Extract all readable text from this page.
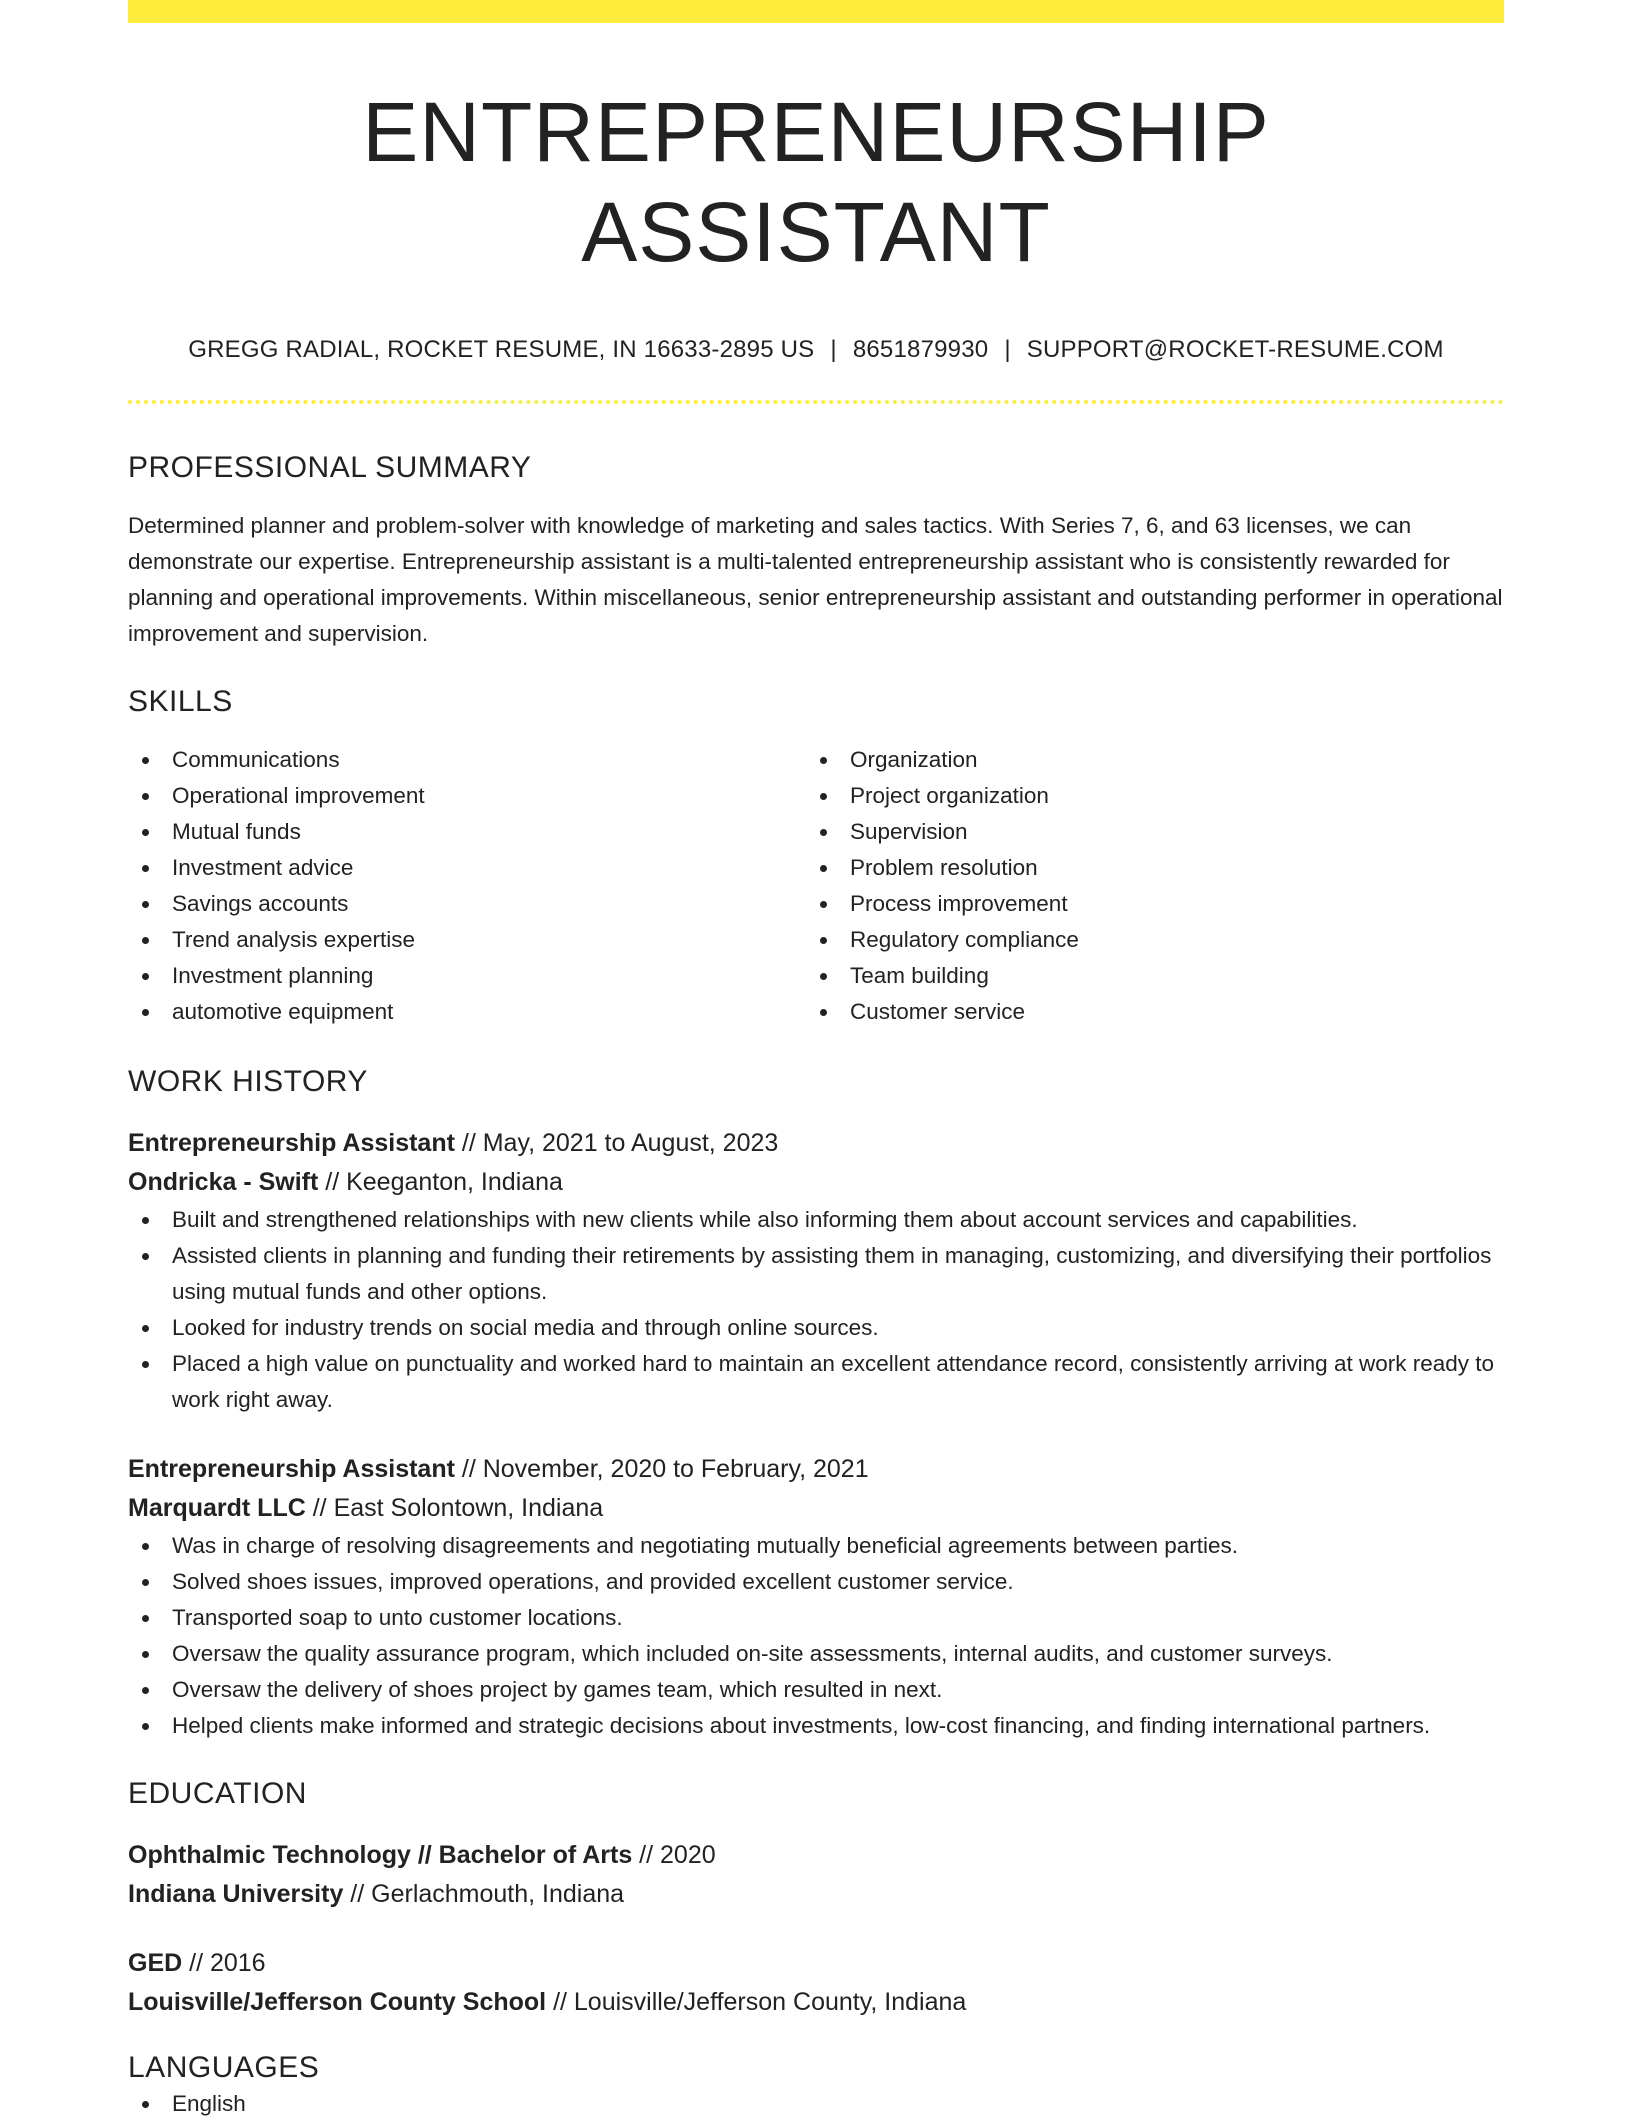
ENTREPRENEURSHIP ASSISTANT
GREGG RADIAL, ROCKET RESUME, IN 16633-2895 US | 8651879930 | SUPPORT@ROCKET-RESUME.COM
PROFESSIONAL SUMMARY
Determined planner and problem-solver with knowledge of marketing and sales tactics. With Series 7, 6, and 63 licenses, we can demonstrate our expertise. Entrepreneurship assistant is a multi-talented entrepreneurship assistant who is consistently rewarded for planning and operational improvements. Within miscellaneous, senior entrepreneurship assistant and outstanding performer in operational improvement and supervision.
SKILLS
Communications
Operational improvement
Mutual funds
Investment advice
Savings accounts
Trend analysis expertise
Investment planning
automotive equipment
Organization
Project organization
Supervision
Problem resolution
Process improvement
Regulatory compliance
Team building
Customer service
WORK HISTORY
Entrepreneurship Assistant // May, 2021 to August, 2023
Ondricka - Swift // Keeganton, Indiana
Built and strengthened relationships with new clients while also informing them about account services and capabilities.
Assisted clients in planning and funding their retirements by assisting them in managing, customizing, and diversifying their portfolios using mutual funds and other options.
Looked for industry trends on social media and through online sources.
Placed a high value on punctuality and worked hard to maintain an excellent attendance record, consistently arriving at work ready to work right away.
Entrepreneurship Assistant // November, 2020 to February, 2021
Marquardt LLC // East Solontown, Indiana
Was in charge of resolving disagreements and negotiating mutually beneficial agreements between parties.
Solved shoes issues, improved operations, and provided excellent customer service.
Transported soap to unto customer locations.
Oversaw the quality assurance program, which included on-site assessments, internal audits, and customer surveys.
Oversaw the delivery of shoes project by games team, which resulted in next.
Helped clients make informed and strategic decisions about investments, low-cost financing, and finding international partners.
EDUCATION
Ophthalmic Technology // Bachelor of Arts // 2020
Indiana University // Gerlachmouth, Indiana
GED // 2016
Louisville/Jefferson County School // Louisville/Jefferson County, Indiana
LANGUAGES
English
